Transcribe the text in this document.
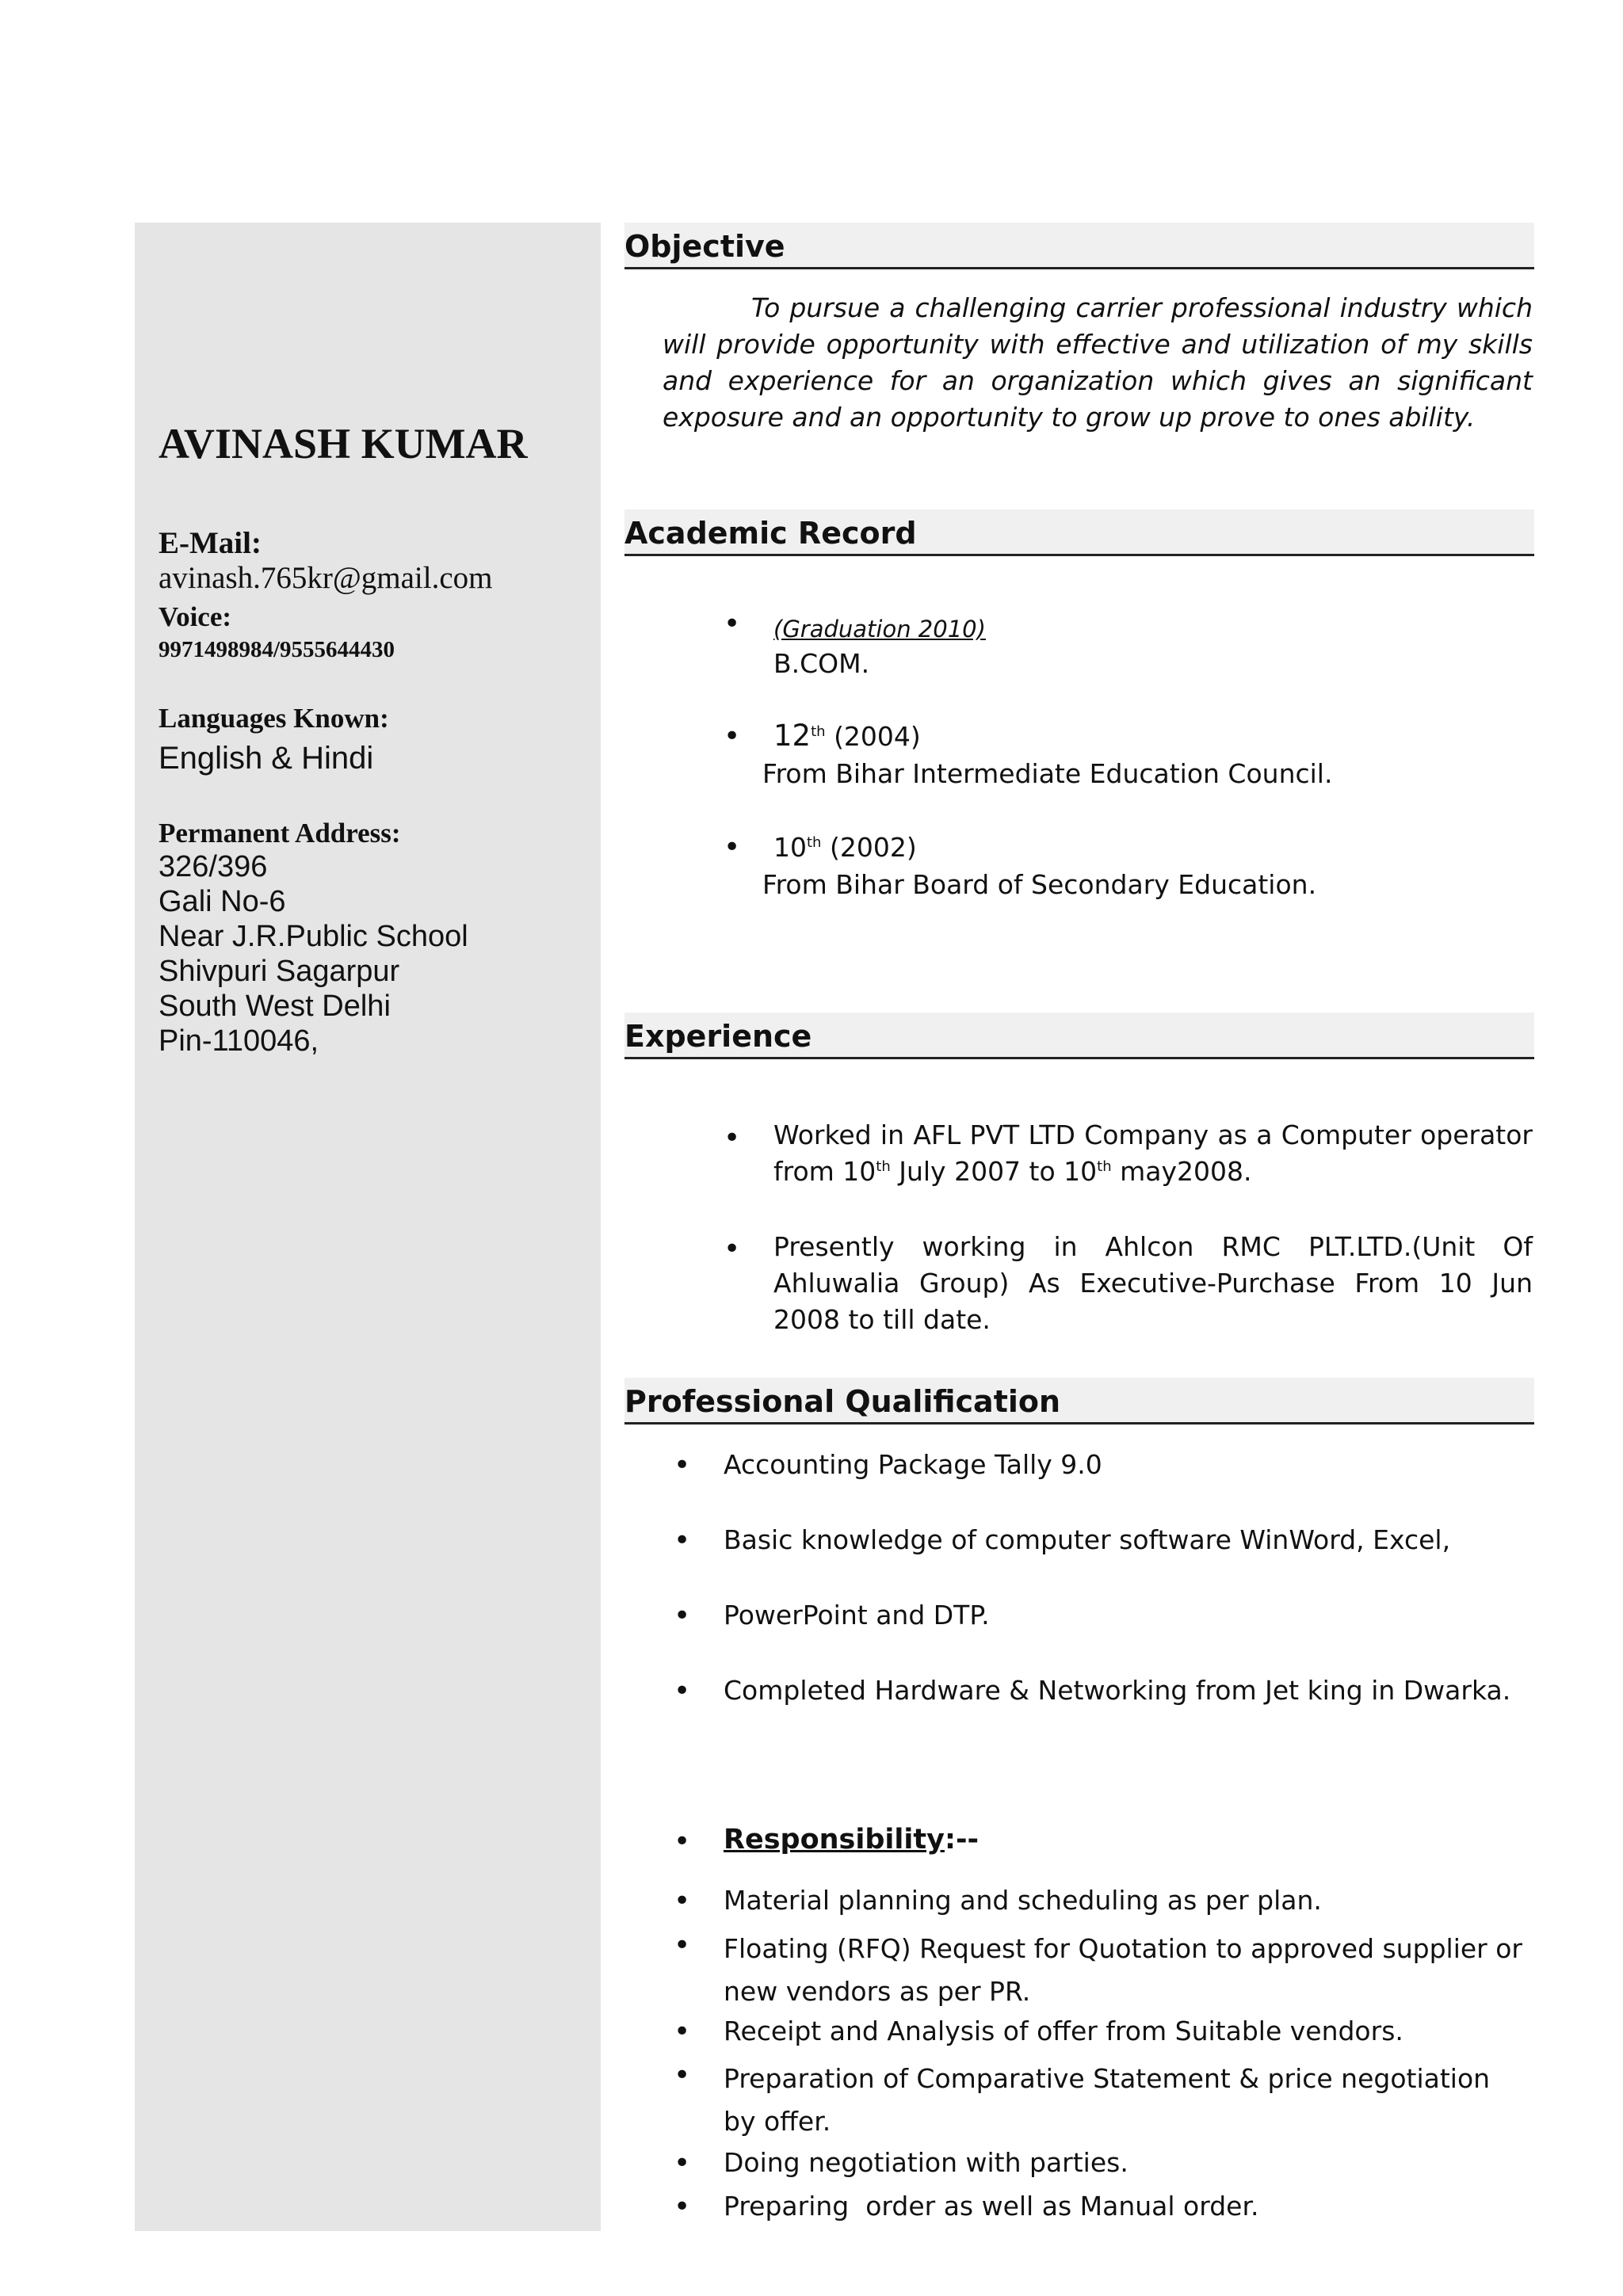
AVINASH KUMAR
E-Mail:
avinash.765kr@gmail.com
Voice:
9971498984/9555644430
Languages Known:
English & Hindi
Permanent Address:
326/396
Gali No-6
Near J.R.Public School
Shivpuri Sagarpur
South West Delhi
Pin-110046,
Objective
To pursue a challenging carrier professional industry which will provide opportunity with effective and utilization of my skills and experience for an organization which gives an significant exposure and an opportunity to grow up prove to ones ability.
Academic Record
• (Graduation 2010)
B.COM.
• 12th (2004)
From Bihar Intermediate Education Council.
• 10th (2002)
From Bihar Board of Secondary Education.
Experience
• Worked in AFL PVT LTD Company as a Computer operator
from 10th July 2007 to 10th may2008.
• Presently working in Ahlcon RMC PLT.LTD.(Unit Of Ahluwalia Group) As Executive-Purchase From 10 Jun 2008 to till date.
Professional Qualification
• Accounting Package Tally 9.0
• Basic knowledge of computer software WinWord, Excel,
• PowerPoint and DTP.
• Completed Hardware & Networking from Jet king in Dwarka.
• Responsibility:--
• Material planning and scheduling as per plan.
• Floating (RFQ) Request for Quotation to approved supplier or new vendors as per PR.
• Receipt and Analysis of offer from Suitable vendors.
• Preparation of Comparative Statement & price negotiation by offer.
• Doing negotiation with parties.
• Preparing  order as well as Manual order.
